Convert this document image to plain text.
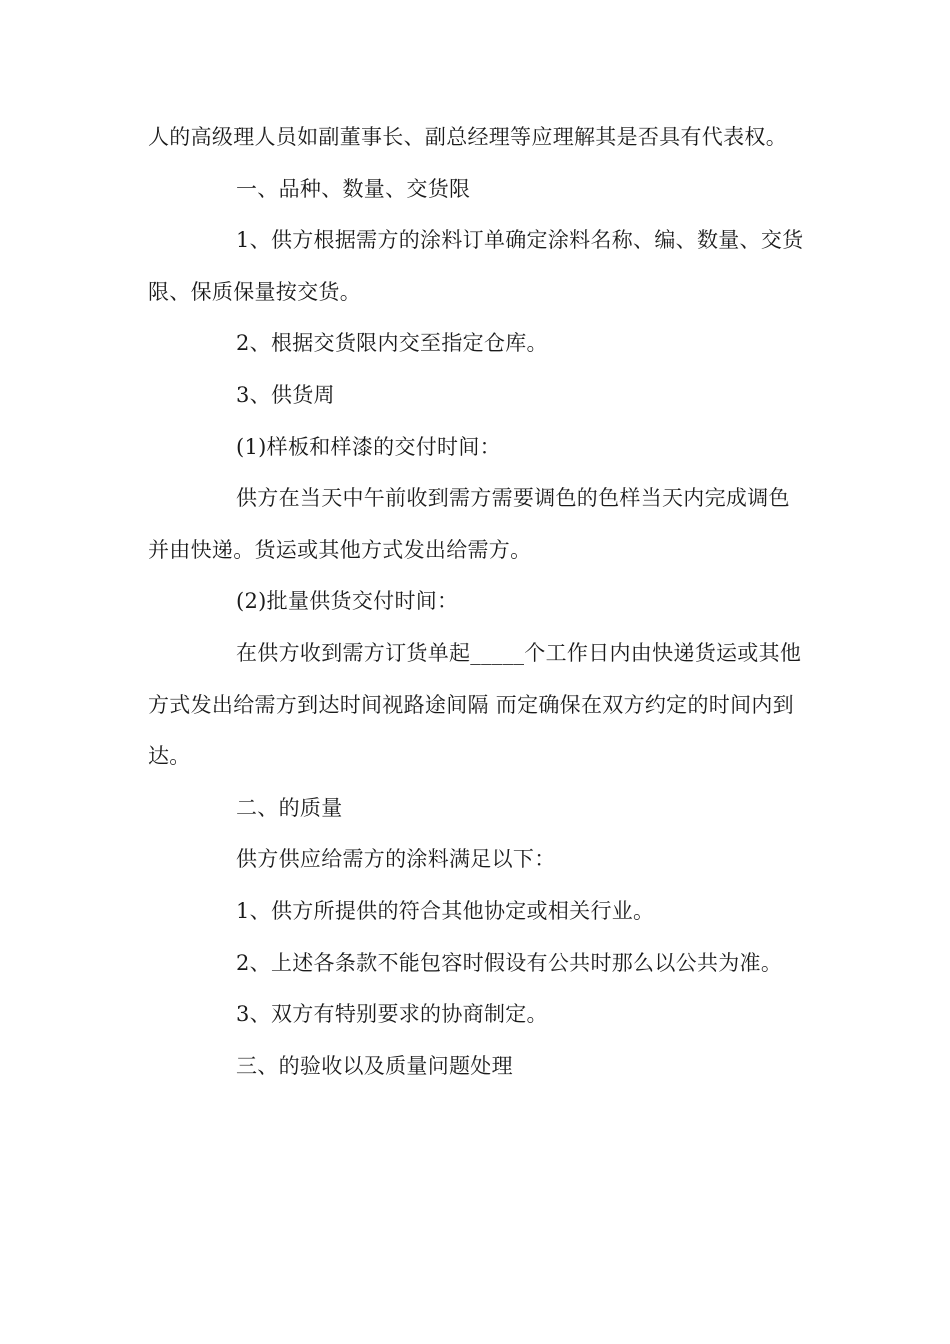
人的高级理人员如副董事长、副总经理等应理解其是否具有代表权。

一、品种、数量、交货限

1、供方根据需方的涂料订单确定涂料名称、编、数量、交货限、保质保量按交货。

2、根据交货限内交至指定仓库。

3、供货周

(1)样板和样漆的交付时间：

供方在当天中午前收到需方需要调色的色样当天内完成调色并由快递。货运或其他方式发出给需方。

(2)批量供货交付时间：

在供方收到需方订货单起_____个工作日内由快递货运或其他方式发出给需方到达时间视路途间隔 而定确保在双方约定的时间内到达。

二、的质量

供方供应给需方的涂料满足以下：

1、供方所提供的符合其他协定或相关行业。

2、上述各条款不能包容时假设有公共时那么以公共为准。

3、双方有特别要求的协商制定。

三、的验收以及质量问题处理
